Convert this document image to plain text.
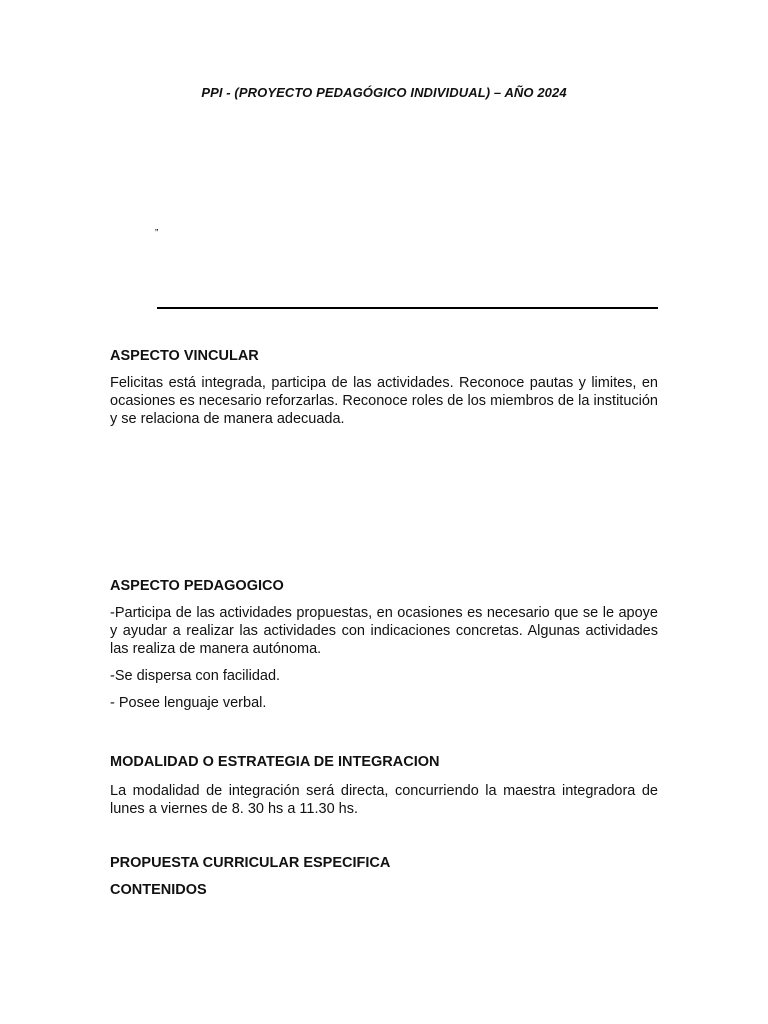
PPI - (PROYECTO PEDAGÓGICO INDIVIDUAL) – AÑO 2024
„

ASPECTO VINCULAR

Felicitas está integrada, participa de las actividades. Reconoce pautas y limites, en ocasiones es necesario reforzarlas. Reconoce roles de los miembros de la institución y se relaciona de manera adecuada.

ASPECTO PEDAGOGICO

-Participa de las actividades propuestas, en ocasiones es necesario que se le apoye y ayudar a realizar las actividades con indicaciones concretas. Algunas actividades las realiza de manera autónoma.

-Se dispersa con facilidad.

- Posee lenguaje verbal.

MODALIDAD O ESTRATEGIA DE INTEGRACION

La modalidad de integración será directa, concurriendo la maestra integradora de lunes a viernes de 8. 30 hs a 11.30 hs.

PROPUESTA CURRICULAR ESPECIFICA

CONTENIDOS
